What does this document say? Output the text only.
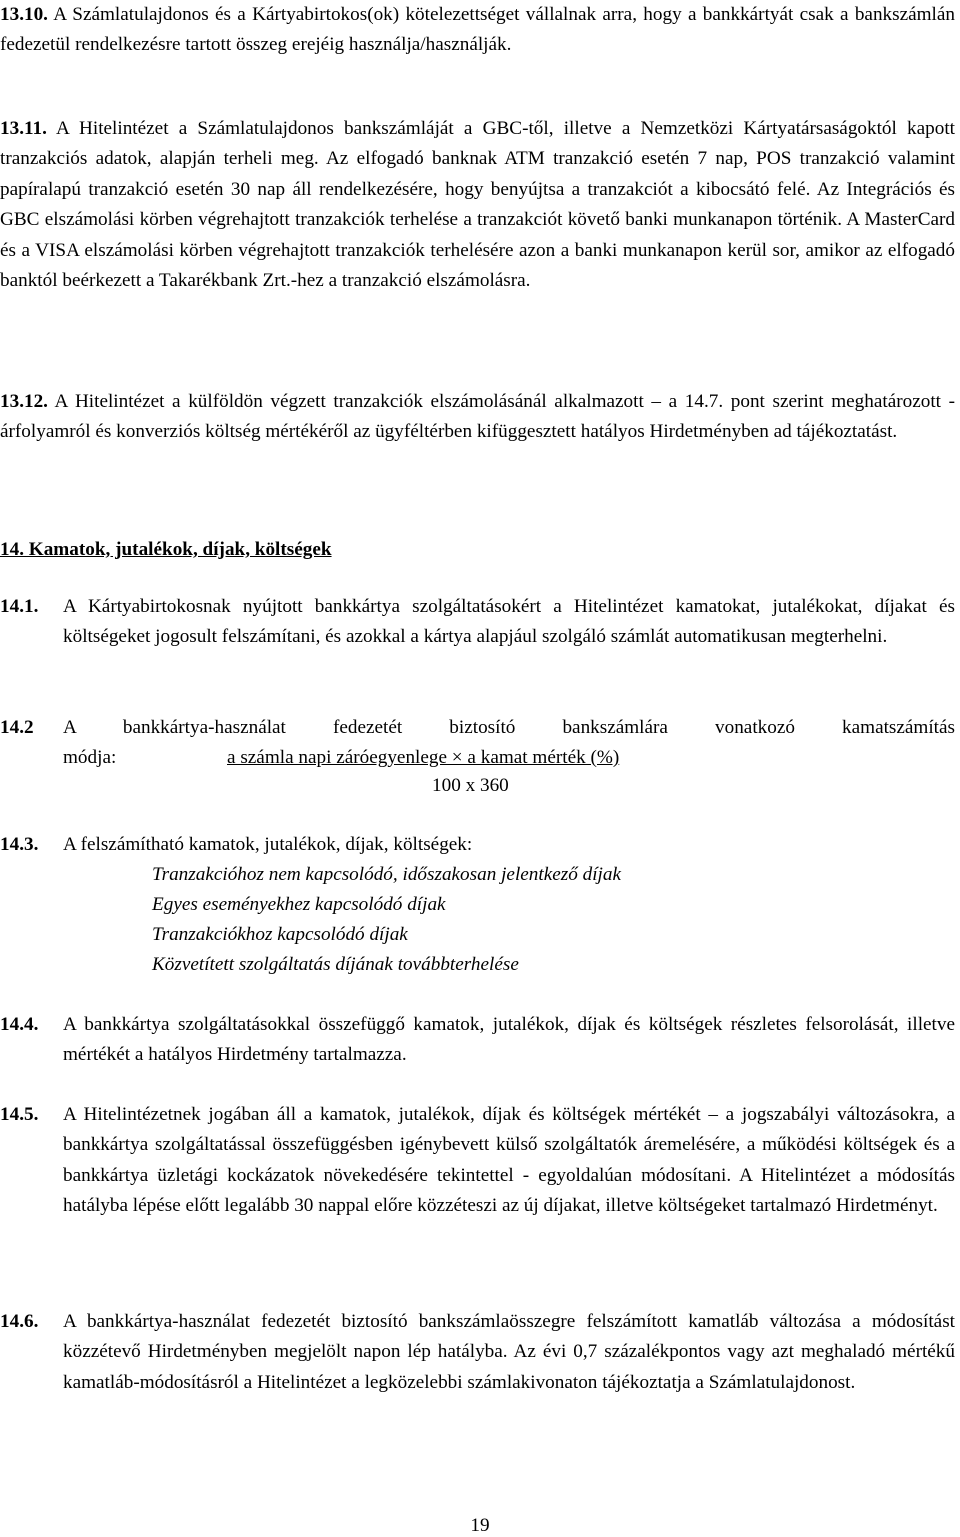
13.10. A Számlatulajdonos és a Kártyabirtokos(ok) kötelezettséget vállalnak arra, hogy a bankkártyát csak a bankszámlán fedezetül rendelkezésre tartott összeg erejéig használja/használják.

13.11. A Hitelintézet a Számlatulajdonos bankszámláját a GBC-től, illetve a Nemzetközi Kártyatársaságoktól kapott tranzakciós adatok, alapján terheli meg. Az elfogadó banknak ATM tranzakció esetén 7 nap, POS tranzakció valamint papíralapú tranzakció esetén 30 nap áll rendelkezésére, hogy benyújtsa a tranzakciót a kibocsátó felé. Az Integrációs és GBC elszámolási körben végrehajtott tranzakciók terhelése a tranzakciót követő banki munkanapon történik. A MasterCard és a VISA elszámolási körben végrehajtott tranzakciók terhelésére azon a banki munkanapon kerül sor, amikor az elfogadó banktól beérkezett a Takarékbank Zrt.-hez a tranzakció elszámolásra.

13.12. A Hitelintézet a külföldön végzett tranzakciók elszámolásánál alkalmazott – a 14.7. pont szerint meghatározott - árfolyamról és konverziós költség mértékéről az ügyféltérben kifüggesztett hatályos Hirdetményben ad tájékoztatást.

14. Kamatok, jutalékok, díjak, költségek
14.1. A Kártyabirtokosnak nyújtott bankkártya szolgáltatásokért a Hitelintézet kamatokat, jutalékokat, díjakat és költségeket jogosult felszámítani, és azokkal a kártya alapjául szolgáló számlát automatikusan megterhelni.
14.2 A bankkártya-használat fedezetét biztosító bankszámlára vonatkozó kamatszámítás
módja:	a számla napi záróegyenlege × a kamat mérték (%)
100 x 360
14.3. A felszámítható kamatok, jutalékok, díjak, költségek:
Tranzakcióhoz nem kapcsolódó, időszakosan jelentkező díjak
Egyes eseményekhez kapcsolódó díjak
Tranzakciókhoz kapcsolódó díjak
Közvetített szolgáltatás díjának továbbterhelése
14.4. A bankkártya szolgáltatásokkal összefüggő kamatok, jutalékok, díjak és költségek részletes felsorolását, illetve mértékét a hatályos Hirdetmény tartalmazza.
14.5. A Hitelintézetnek jogában áll a kamatok, jutalékok, díjak és költségek mértékét – a jogszabályi változásokra, a bankkártya szolgáltatással összefüggésben igénybevett külső szolgáltatók áremelésére, a működési költségek és a bankkártya üzletági kockázatok növekedésére tekintettel - egyoldalúan módosítani. A Hitelintézet a módosítás hatályba lépése előtt legalább 30 nappal előre közzéteszi az új díjakat, illetve költségeket tartalmazó Hirdetményt.
14.6. A bankkártya-használat fedezetét biztosító bankszámlaösszegre felszámított kamatláb változása a módosítást közzétevő Hirdetményben megjelölt napon lép hatályba. Az évi 0,7 százalékpontos vagy azt meghaladó mértékű kamatláb-módosításról a Hitelintézet a legközelebbi számlakivonaton tájékoztatja a Számlatulajdonost.
19
